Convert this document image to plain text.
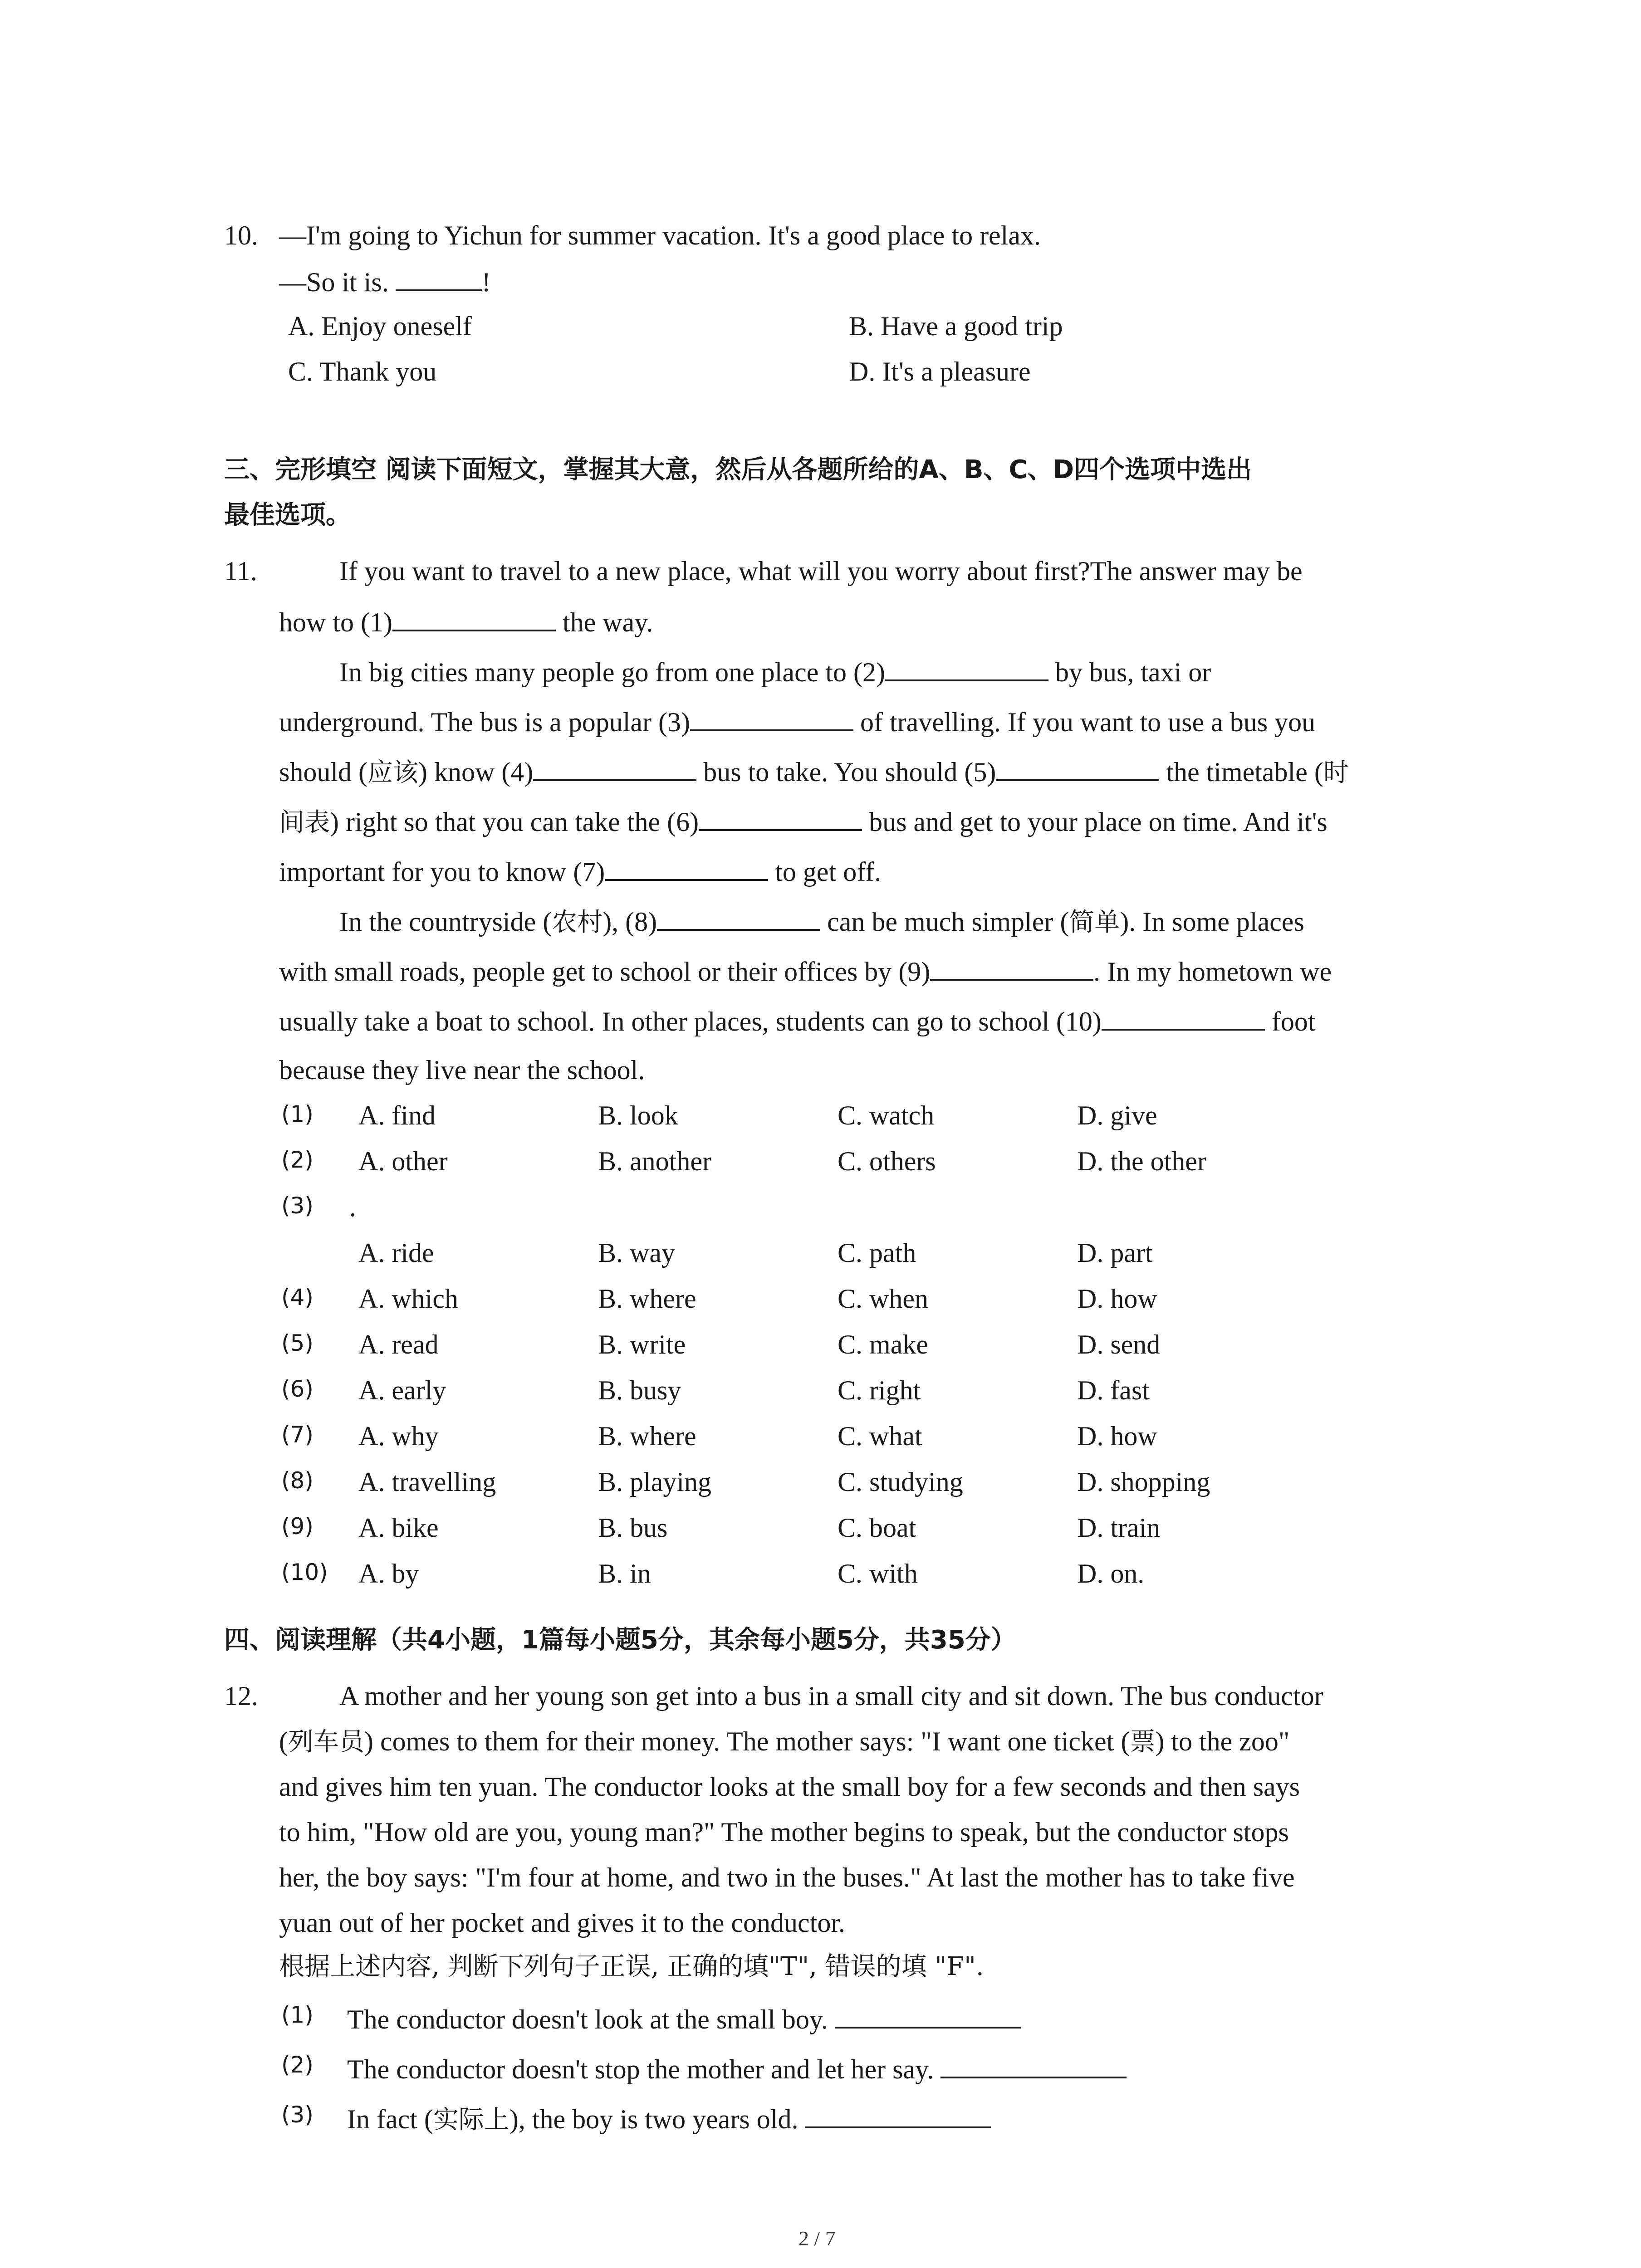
10. —I'm going to Yichun for summer vacation. It's a good place to relax.
—So it is.	!
A. Enjoy oneself	B. Have a good trip
C. Thank you	D. It's a pleasure
三、完形填空 阅读下面短文，掌握其大意，然后从各题所给的A、B、C、D四个选项中选出
最佳选项。
11.	If you want to travel to a new place, what will you worry about first?The answer may be
how to (1)	the way.
In big cities many people go from one place to (2)	by bus, taxi or
underground. The bus is a popular (3)	of travelling. If you want to use a bus you
should (应该) know (4)	bus to take. You should (5)	the timetable (时
间表) right so that you can take the (6)	bus and get to your place on time. And it's
important for you to know (7)	to get off.
In the countryside (农村), (8)	can be much simpler (简单). In some places
with small roads, people get to school or their offices by (9)	. In my hometown we
usually take a boat to school. In other places, students can go to school (10)	foot
because they live near the school.
(1) A. find	B. look	C. watch	D. give
(2) A. other	B. another	C. others	D. the other
(3) .
A. ride	B. way	C. path	D. part
(4) A. which	B. where	C. when	D. how
(5) A. read	B. write	C. make	D. send
(6) A. early	B. busy	C. right	D. fast
(7) A. why	B. where	C. what	D. how
(8) A. travelling	B. playing	C. studying	D. shopping
(9) A. bike	B. bus	C. boat	D. train
(10) A. by	B. in	C. with	D. on.
四、阅读理解（共4小题，1篇每小题5分，其余每小题5分，共35分）
12.	A mother and her young son get into a bus in a small city and sit down. The bus conductor
(列车员) comes to them for their money. The mother says: "I want one ticket (票) to the zoo"
and gives him ten yuan. The conductor looks at the small boy for a few seconds and then says
to him, "How old are you, young man?" The mother begins to speak, but the conductor stops
her, the boy says: "I'm four at home, and two in the buses." At last the mother has to take five
yuan out of her pocket and gives it to the conductor.
根据上述内容, 判断下列句子正误, 正确的填"T", 错误的填 "F".
(1) The conductor doesn't look at the small boy.
(2) The conductor doesn't stop the mother and let her say.
(3) In fact (实际上), the boy is two years old.
2 / 7
